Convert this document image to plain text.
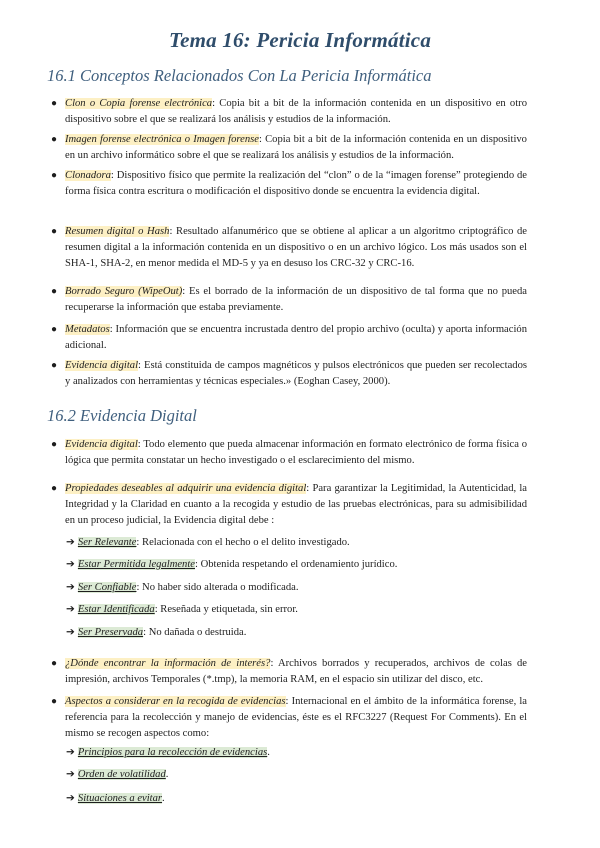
Tema 16: Pericia Informática
16.1 Conceptos Relacionados Con La Pericia Informática
● Clon o Copia forense electrónica: Copia bit a bit de la información contenida en un dispositivo en otro dispositivo sobre el que se realizará los análisis y estudios de la información.
● Imagen forense electrónica o Imagen forense: Copia bit a bit de la información contenida en un dispositivo en un archivo informático sobre el que se realizará los análisis y estudios de la información.
● Clonadora: Dispositivo físico que permite la realización del “clon” o de la “imagen forense” protegiendo de forma física contra escritura o modificación el dispositivo donde se encuentra la evidencia digital.
● Resumen digital o Hash: Resultado alfanumérico que se obtiene al aplicar a un algoritmo criptográfico de resumen digital a la información contenida en un dispositivo o en un archivo lógico. Los más usados son el SHA-1, SHA-2, en menor medida el MD-5 y ya en desuso los CRC-32 y CRC-16.
● Borrado Seguro (WipeOut): Es el borrado de la información de un dispositivo de tal forma que no pueda recuperarse la información que estaba previamente.
● Metadatos: Información que se encuentra incrustada dentro del propio archivo (oculta) y aporta información adicional.
● Evidencia digital: Está constituida de campos magnéticos y pulsos electrónicos que pueden ser recolectados y analizados con herramientas y técnicas especiales.» (Eoghan Casey, 2000).
16.2 Evidencia Digital
● Evidencia digital: Todo elemento que pueda almacenar información en formato electrónico de forma física o lógica que permita constatar un hecho investigado o el esclarecimiento del mismo.
● Propiedades deseables al adquirir una evidencia digital: Para garantizar la Legitimidad, la Autenticidad, la Integridad y la Claridad en cuanto a la recogida y estudio de las pruebas electrónicas, para su admisibilidad en un proceso judicial, la Evidencia digital debe :
➔ Ser Relevante: Relacionada con el hecho o el delito investigado.
➔ Estar Permitida legalmente: Obtenida respetando el ordenamiento jurídico.
➔ Ser Confiable: No haber sido alterada o modificada.
➔ Estar Identificada: Reseñada y etiquetada, sin error.
➔ Ser Preservada: No dañada o destruida.
● ¿Dónde encontrar la información de interés?: Archivos borrados y recuperados, archivos de colas de impresión, archivos Temporales (*.tmp), la memoria RAM, en el espacio sin utilizar del disco, etc.
● Aspectos a considerar en la recogida de evidencias: Internacional en el ámbito de la informática forense, la referencia para la recolección y manejo de evidencias, éste es el RFC3227 (Request For Comments). En el mismo se recogen aspectos como:
➔ Principios para la recolección de evidencias.
➔ Orden de volatilidad.
➔ Situaciones a evitar.
